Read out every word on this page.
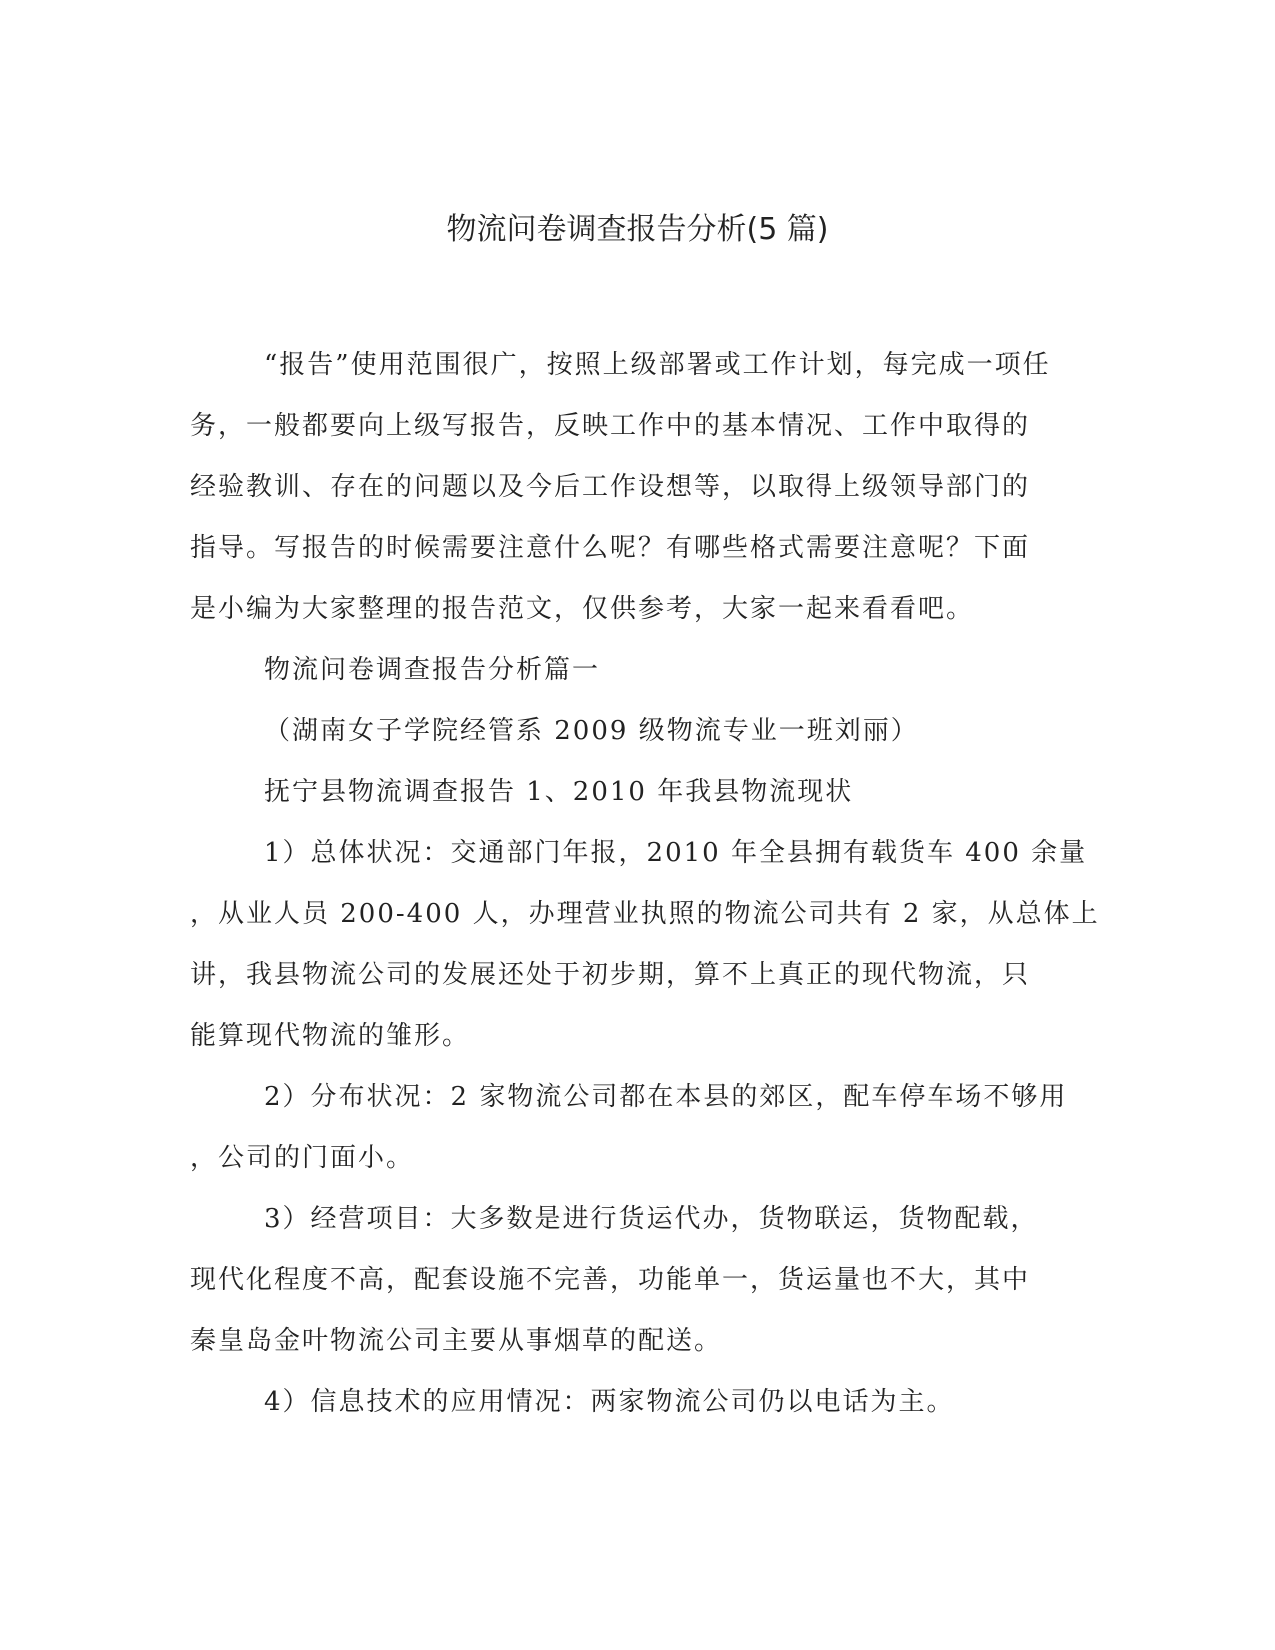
物流问卷调查报告分析(5 篇)

“报告”使用范围很广，按照上级部署或工作计划，每完成一项任

务，一般都要向上级写报告，反映工作中的基本情况、工作中取得的

经验教训、存在的问题以及今后工作设想等，以取得上级领导部门的

指导。写报告的时候需要注意什么呢？有哪些格式需要注意呢？下面

是小编为大家整理的报告范文，仅供参考，大家一起来看看吧。

物流问卷调查报告分析篇一

（湖南女子学院经管系 2009 级物流专业一班刘丽）

抚宁县物流调查报告 1、2010 年我县物流现状

1）总体状况：交通部门年报，2010 年全县拥有载货车 400 余量

，从业人员 200-400 人，办理营业执照的物流公司共有 2 家，从总体上

讲，我县物流公司的发展还处于初步期，算不上真正的现代物流，只

能算现代物流的雏形。

2）分布状况：2 家物流公司都在本县的郊区，配车停车场不够用

，公司的门面小。

3）经营项目：大多数是进行货运代办，货物联运，货物配载，

现代化程度不高，配套设施不完善，功能单一，货运量也不大，其中

秦皇岛金叶物流公司主要从事烟草的配送。

4）信息技术的应用情况：两家物流公司仍以电话为主。
